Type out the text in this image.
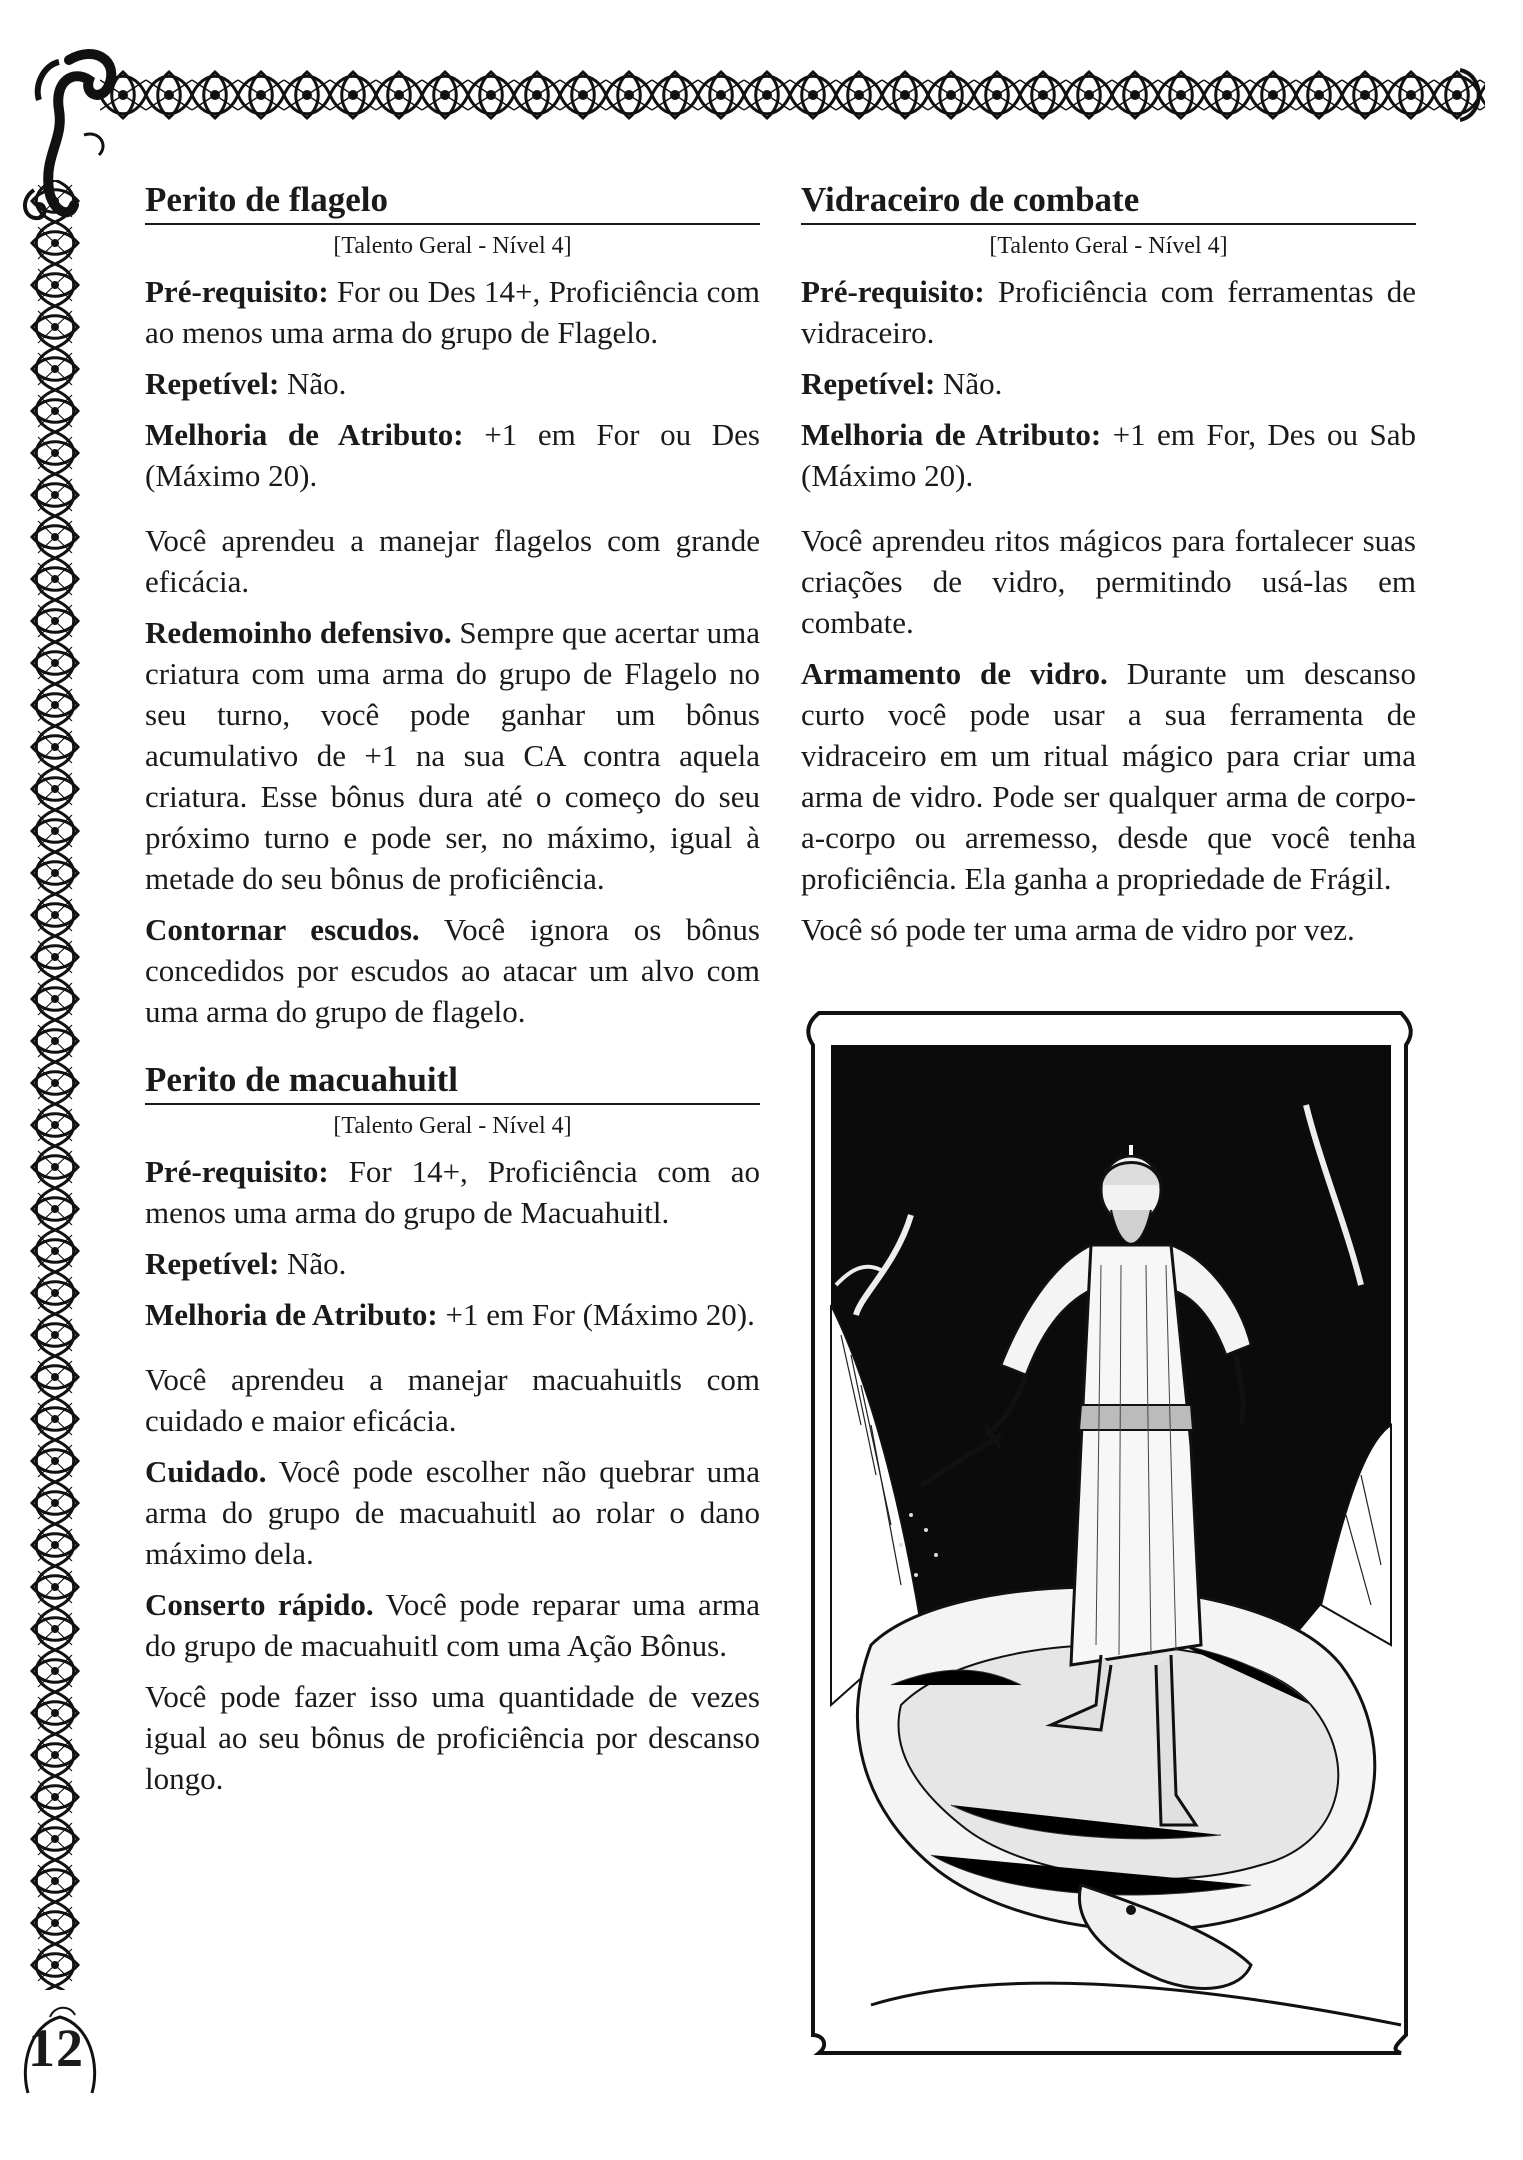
12
Perito de flagelo
[Talento Geral - Nível 4]

Pré-requisito: For ou Des 14+, Proficiência com ao menos uma arma do grupo de Flagelo.

Repetível: Não.

Melhoria de Atributo: +1 em For ou Des (Máximo 20).

Você aprendeu a manejar flagelos com grande eficácia.

Redemoinho defensivo. Sempre que acertar uma criatura com uma arma do grupo de Flagelo no seu turno, você pode ganhar um bônus acumulativo de +1 na sua CA contra aquela criatura. Esse bônus dura até o começo do seu próximo turno e pode ser, no máximo, igual à metade do seu bônus de proficiência.

Contornar escudos. Você ignora os bônus concedidos por escudos ao atacar um alvo com uma arma do grupo de flagelo.

Perito de macuahuitl
[Talento Geral - Nível 4]

Pré-requisito: For 14+, Proficiência com ao menos uma arma do grupo de Macuahuitl.

Repetível: Não.

Melhoria de Atributo: +1 em For (Máximo 20).

Você aprendeu a manejar macuahuitls com cuidado e maior eficácia.

Cuidado. Você pode escolher não quebrar uma arma do grupo de macuahuitl ao rolar o dano máximo dela.

Conserto rápido. Você pode reparar uma arma do grupo de macuahuitl com uma Ação Bônus.

Você pode fazer isso uma quantidade de vezes igual ao seu bônus de proficiência por descanso longo.

Vidraceiro de combate
[Talento Geral - Nível 4]

Pré-requisito: Proficiência com ferramentas de vidraceiro.

Repetível: Não.

Melhoria de Atributo: +1 em For, Des ou Sab (Máximo 20).

Você aprendeu ritos mágicos para fortalecer suas criações de vidro, permitindo usá-las em combate.

Armamento de vidro. Durante um descanso curto você pode usar a sua ferramenta de vidraceiro em um ritual mágico para criar uma arma de vidro. Pode ser qualquer arma de corpo-a-corpo ou arremesso, desde que você tenha proficiência. Ela ganha a propriedade de Frágil.

Você só pode ter uma arma de vidro por vez.
